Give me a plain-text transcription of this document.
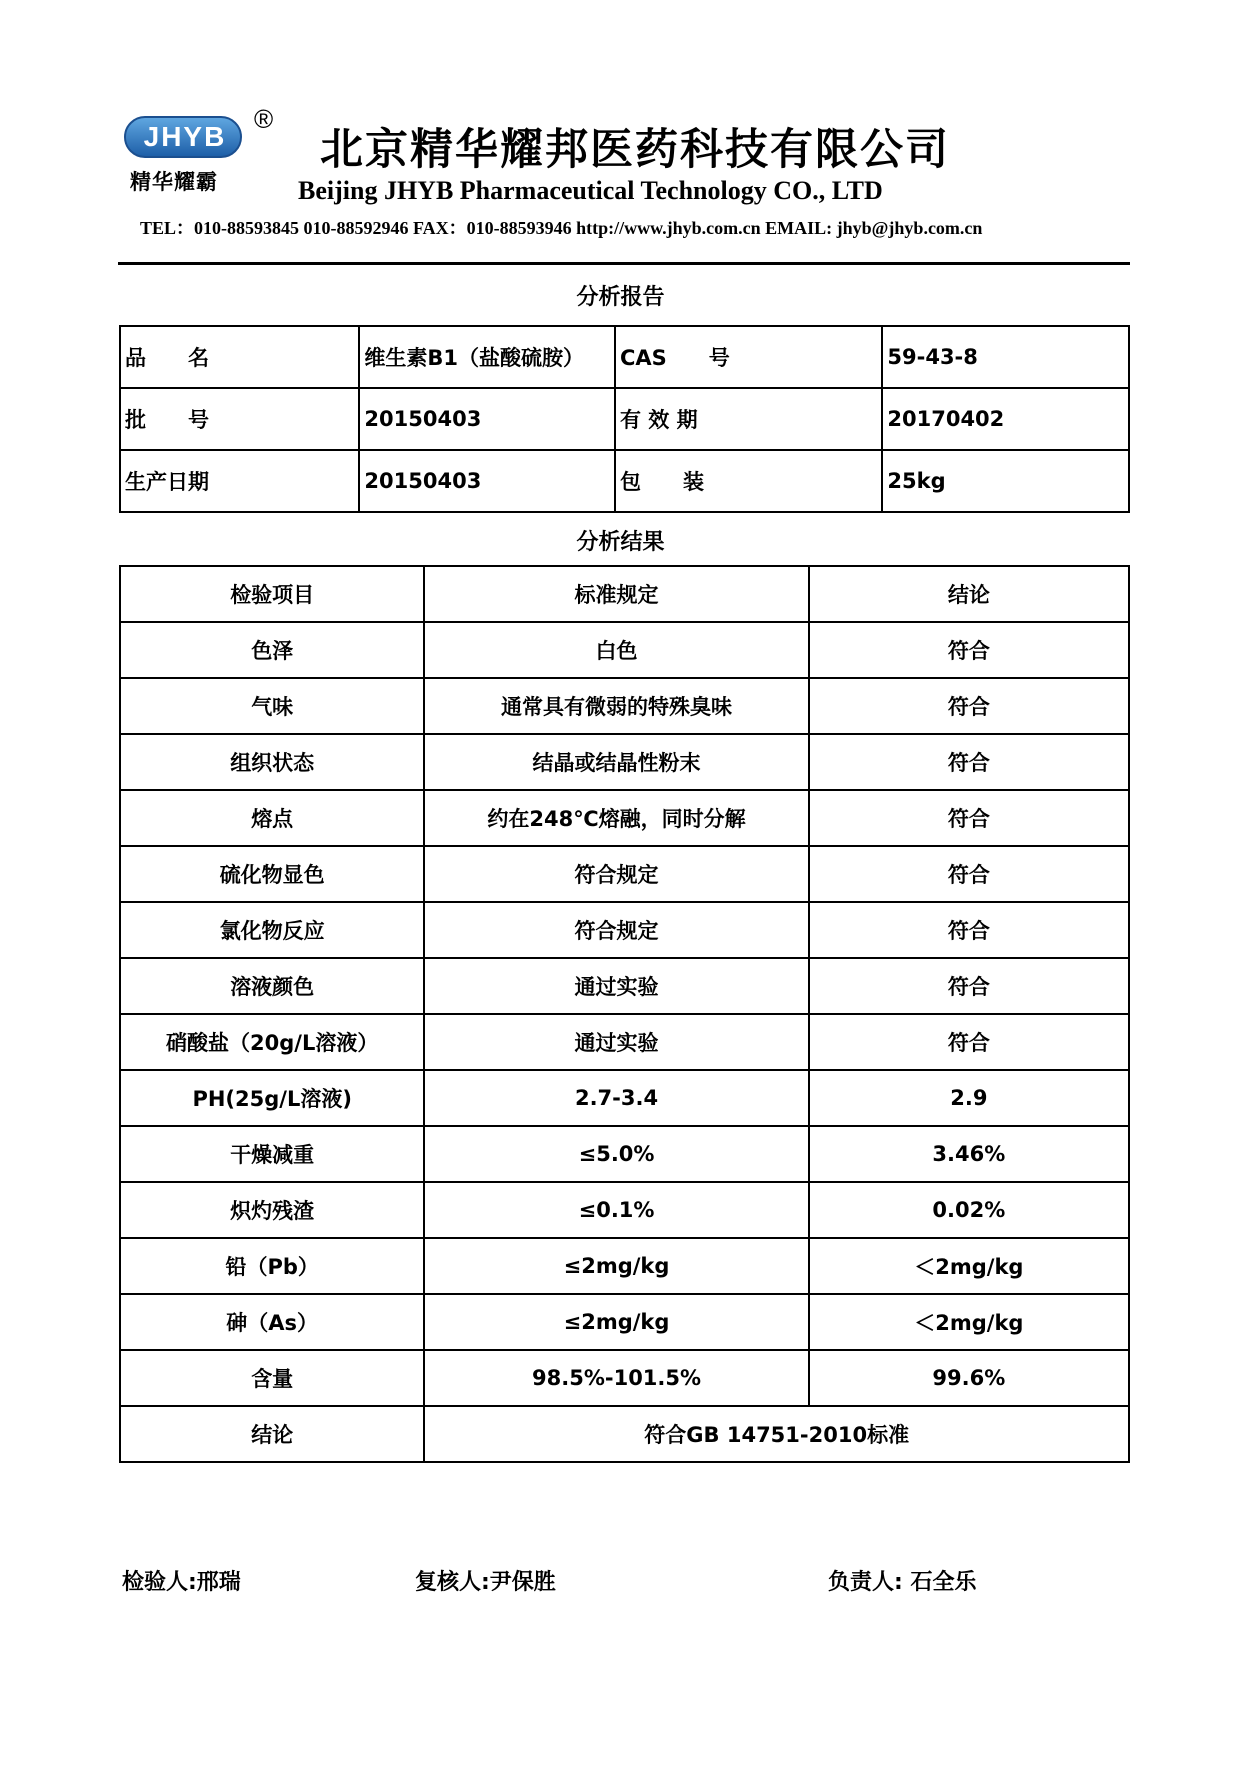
JHYB
®
精华耀霸
北京精华耀邦医药科技有限公司
Beijing JHYB Pharmaceutical Technology CO., LTD
TEL：010-88593845 010-88592946 FAX：010-88593946 http://www.jhyb.com.cn EMAIL: jhyb@jhyb.com.cn
分析报告
品　　名	维生素B1（盐酸硫胺）	CAS　　号	59-43-8
批　　号	20150403	有 效 期	20170402
生产日期	20150403	包　　装	25kg
分析结果
检验项目	标准规定	结论
色泽	白色	符合
气味	通常具有微弱的特殊臭味	符合
组织状态	结晶或结晶性粉末	符合
熔点	约在248℃熔融，同时分解	符合
硫化物显色	符合规定	符合
氯化物反应	符合规定	符合
溶液颜色	通过实验	符合
硝酸盐（20g/L溶液）	通过实验	符合
PH(25g/L溶液)	2.7-3.4	2.9
干燥减重	≤5.0%	3.46%
炽灼残渣	≤0.1%	0.02%
铅（Pb）	≤2mg/kg	＜2mg/kg
砷（As）	≤2mg/kg	＜2mg/kg
含量	98.5%-101.5%	99.6%
结论	符合GB 14751-2010标准	
检验人:邢瑞	复核人:尹保胜	负责人: 石全乐
